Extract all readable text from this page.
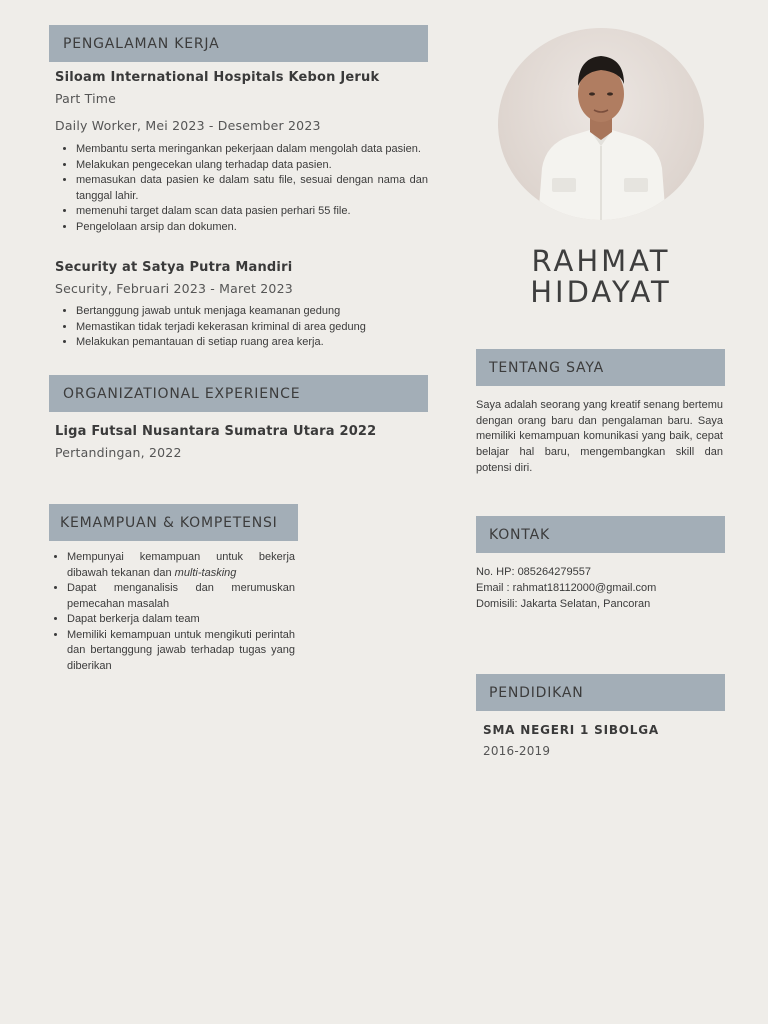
PENGALAMAN KERJA
Siloam International Hospitals Kebon Jeruk
Part Time
Daily Worker, Mei 2023 - Desember 2023
• Membantu serta meringankan pekerjaan dalam mengolah data pasien.
• Melakukan pengecekan ulang terhadap data pasien.
• memasukan data pasien ke dalam satu file, sesuai dengan nama dan tanggal lahir.
• memenuhi target dalam scan data pasien perhari 55 file.
• Pengelolaan arsip dan dokumen.
Security at Satya Putra Mandiri
Security, Februari 2023 - Maret 2023
• Bertanggung jawab untuk menjaga keamanan gedung
• Memastikan tidak terjadi kekerasan kriminal di area gedung
• Melakukan pemantauan di setiap ruang area kerja.
ORGANIZATIONAL EXPERIENCE
Liga Futsal Nusantara Sumatra Utara 2022
Pertandingan, 2022
KEMAMPUAN & KOMPETENSI
• Mempunyai kemampuan untuk bekerja dibawah tekanan dan multi-tasking
• Dapat menganalisis dan merumuskan pemecahan masalah
• Dapat berkerja dalam team
• Memiliki kemampuan untuk mengikuti perintah dan bertanggung jawab terhadap tugas yang diberikan
RAHMAT
HIDAYAT
TENTANG SAYA
Saya adalah seorang yang kreatif senang bertemu dengan orang baru dan pengalaman baru. Saya memiliki kemampuan komunikasi yang baik, cepat belajar hal baru, mengembangkan skill dan potensi diri.
KONTAK
No. HP: 085264279557
Email : rahmat18112000@gmail.com
Domisili: Jakarta Selatan, Pancoran
PENDIDIKAN
SMA NEGERI 1 SIBOLGA
2016-2019
